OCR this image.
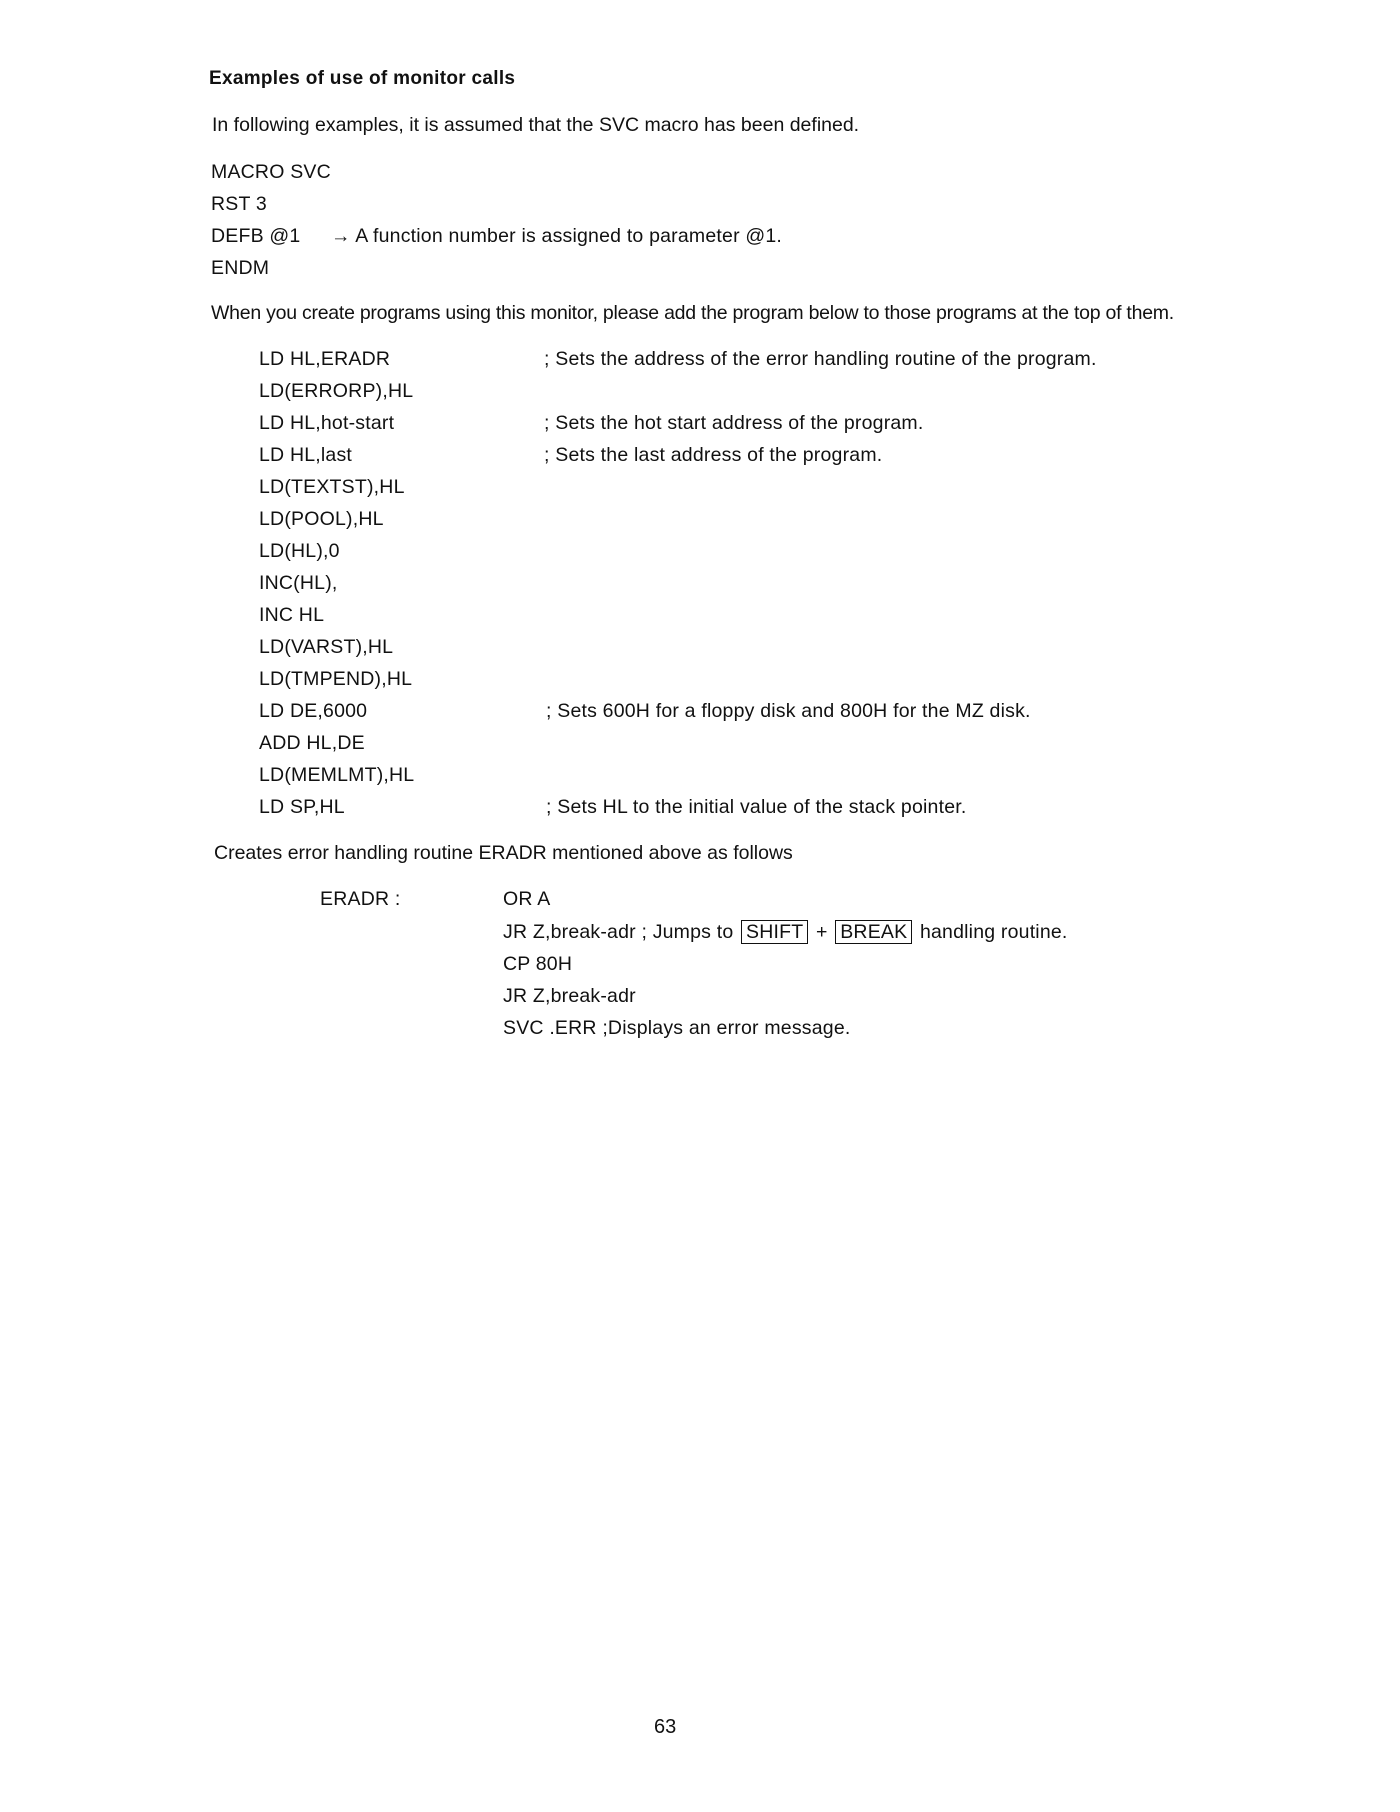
Examples of use of monitor calls
In following examples, it is assumed that the SVC macro has been defined.
MACRO SVC
RST 3
DEFB @1 → A function number is assigned to parameter @1.
ENDM
When you create programs using this monitor, please add the program below to those programs at the top of them.
LD HL,ERADR	; Sets the address of the error handling routine of the program.
LD(ERRORP),HL
LD HL,hot-start	; Sets the hot start address of the program.
LD HL,last	; Sets the last address of the program.
LD(TEXTST),HL
LD(POOL),HL
LD(HL),0
INC(HL),
INC HL
LD(VARST),HL
LD(TMPEND),HL
LD DE,6000	; Sets 600H for a floppy disk and 800H for the MZ disk.
ADD HL,DE
LD(MEMLMT),HL
LD SP,HL	; Sets HL to the initial value of the stack pointer.
Creates error handling routine ERADR mentioned above as follows
ERADR :	OR A
JR Z,break-adr ; Jumps to SHIFT + BREAK handling routine.
CP 80H
JR Z,break-adr
SVC .ERR ;Displays an error message.
63
